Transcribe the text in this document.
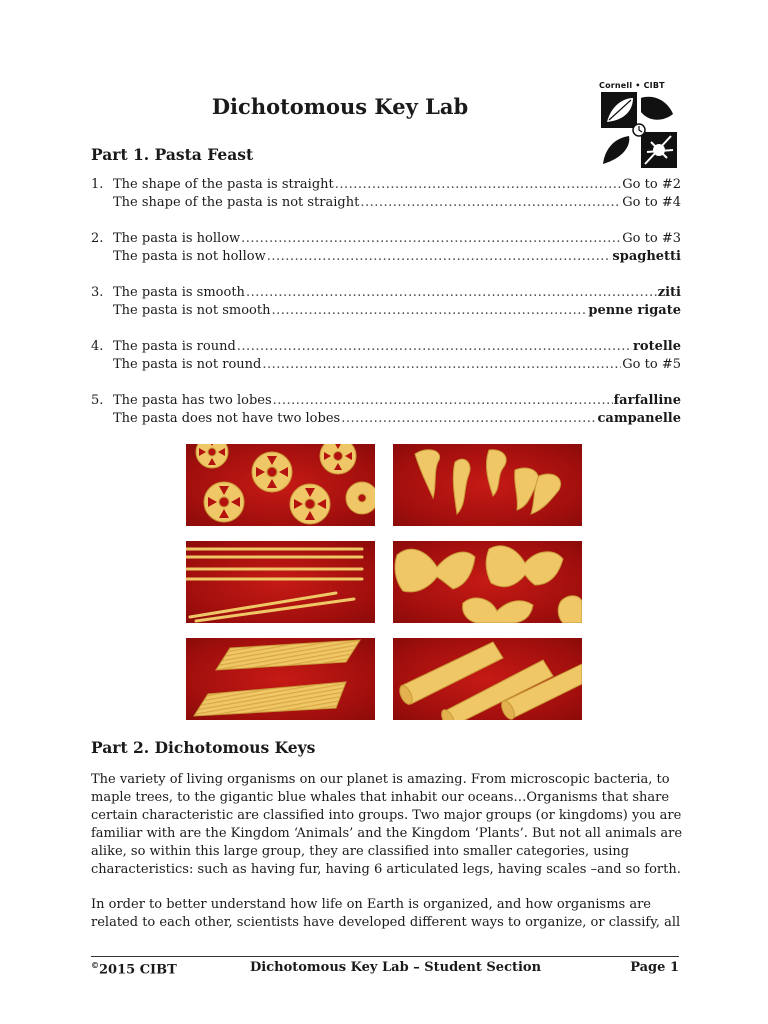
Dichotomous Key Lab
Cornell • CIBT
Part 1. Pasta Feast
1. The shape of the pasta is straight .....	Go to #2
The shape of the pasta is not straight .....	Go to #4
2. The pasta is hollow .....	Go to #3
The pasta is not hollow .....	spaghetti
3. The pasta is smooth .....	ziti
The pasta is not smooth .....	penne rigate
4. The pasta is round .....	rotelle
The pasta is not round .....	Go to #5
5. The pasta has two lobes .....	farfalline
The pasta does not have two lobes .....	campanelle
Part 2. Dichotomous Keys

The variety of living organisms on our planet is amazing. From microscopic bacteria, to maple trees, to the gigantic blue whales that inhabit our oceans…Organisms that share certain characteristic are classified into groups. Two major groups (or kingdoms) you are familiar with are the Kingdom ‘Animals’ and the Kingdom ‘Plants’. But not all animals are alike, so within this large group, they are classified into smaller categories, using characteristics: such as having fur, having 6 articulated legs, having scales –and so forth.

In order to better understand how life on Earth is organized, and how organisms are related to each other, scientists have developed different ways to organize, or classify, all

©2015 CIBT	Dichotomous Key Lab – Student Section	Page 1
